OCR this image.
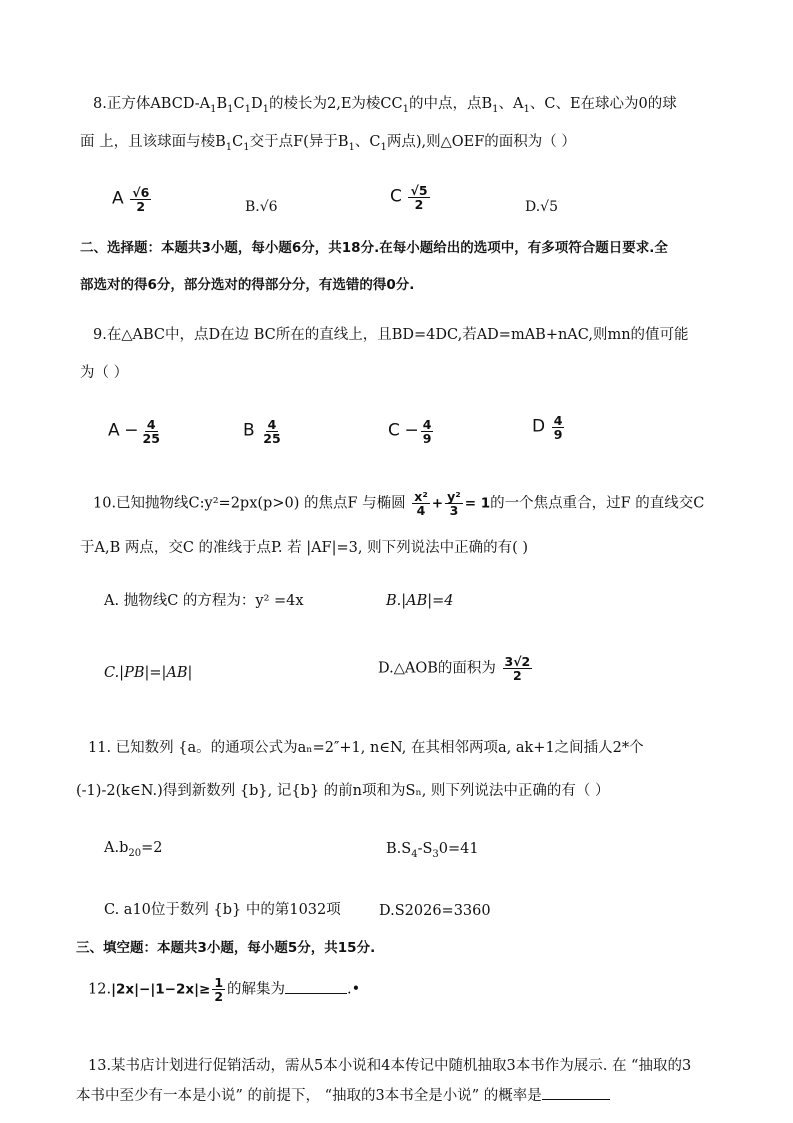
8.正方体ABCD-$A_1B_1C_1D_1$的棱长为2,E为棱$CC_1$的中点，点$B_1$、$A_1$、C、E在球心为0的球
面 上，且该球面与棱$B_1C_1$交于点F(异于$B_1$、$C_1$两点),则△OEF的面积为（ ）
A $\frac{√6}{2}$	B.√6
C $\frac{√5}{2}$	D.√5
二、选择题：本题共3小题，每小题6分，共18分.在每小题给出的选项中，有多项符合题日要求.全
部选对的得6分，部分选对的得部分分，有选错的得0分.
9.在△ABC中，点D在边 BC所在的直线上，且BD=4DC,若AD=mAB+nAC,则mn的值可能
为（ ）
$A - \frac{4}{25}$	B $\frac{4}{25}$	$C - \frac{4}{9}$	D $\frac{4}{9}$
10.已知抛物线C:y²=2px(p>0) 的焦点F 与椭圆 $\frac{\text{x²}}{4} + \frac{\text{y²}}{3} = 1$的一个焦点重合，过F 的直线交C
于A,B 两点，交C 的准线于点P. 若 |AF|=3, 则下列说法中正确的有( )
A. 抛物线C 的方程为：y² =4x	B.|AB|=4
C.|PB|=|AB|	D.△AOB的面积为 $\frac{3√2}{2}$
11. 已知数列 {a。的通项公式为aₙ=2″+1, n∈N, 在其相邻两项a, ak+1之间插人2*个
(-1)-2(k∈N.)得到新数列 {b}, 记{b} 的前n项和为Sₙ, 则下列说法中正确的有（ ）
$A.b_{20}=2$	$B.S_4-S_30=41$
C. a10位于数列 {b} 中的第1032项	D.S2026=3360
三、填空题：本题共3小题，每小题5分，共15分.
$12.|2x|-|1-2x|\ge \frac{1}{2}$ 的解集为	.•
13.某书店计划进行促销活动，需从5本小说和4本传记中随机抽取3本书作为展示. 在 “抽取的3
本书中至少有一本是小说” 的前提下， “抽取的3本书全是小说” 的概率是
